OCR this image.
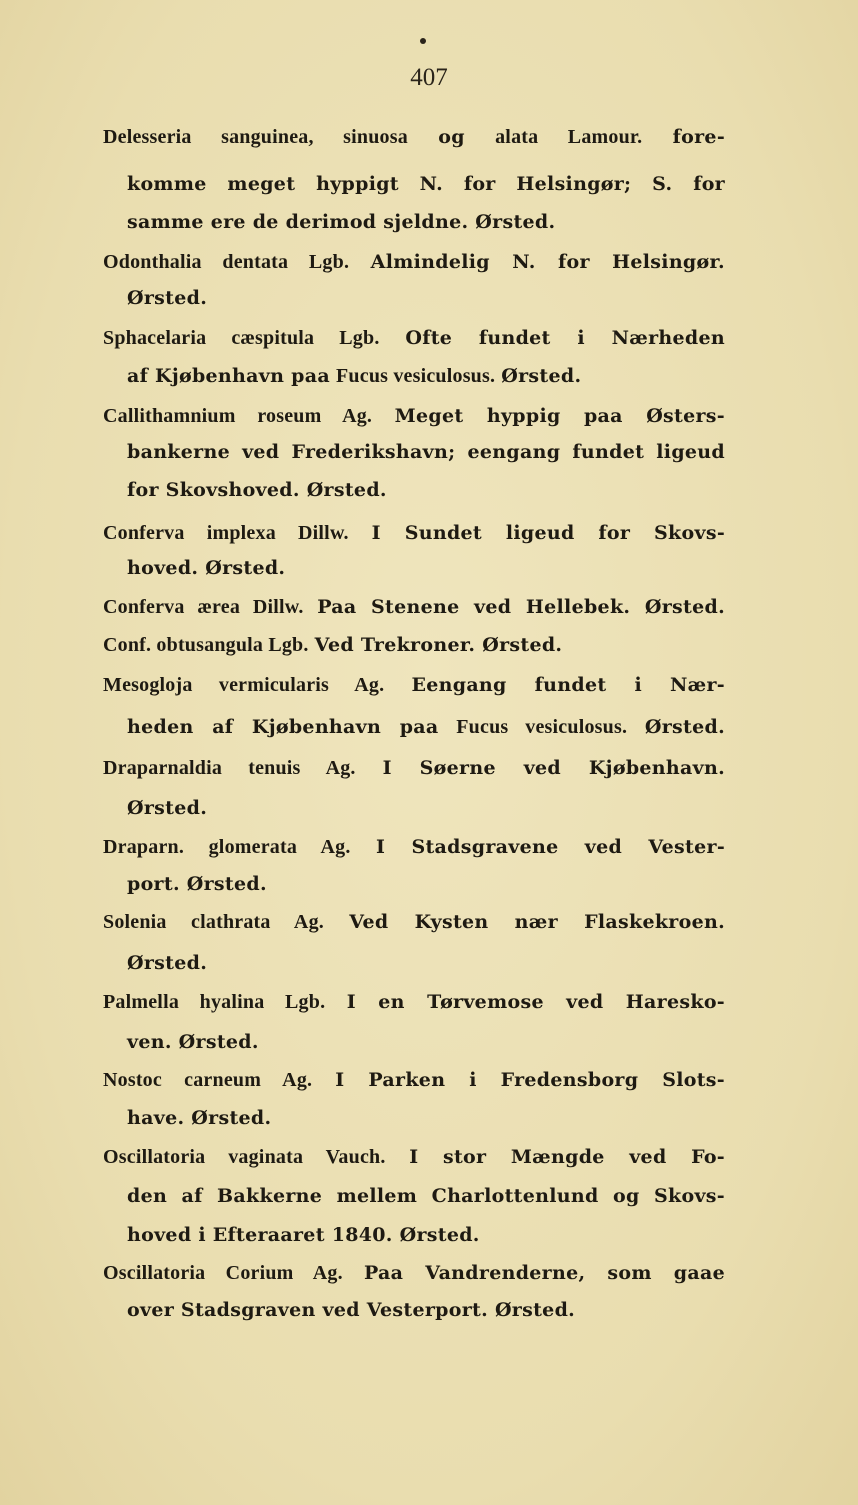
407
Delesseria sanguinea, sinuosa og alata Lamour. fore-
komme meget hyppigt N. for Helsingør; S. for
samme ere de derimod sjeldne. Ørsted.
Odonthalia dentata Lgb. Almindelig N. for Helsingør.
Ørsted.
Sphacelaria cæspitula Lgb. Ofte fundet i Nærheden
af Kjøbenhavn paa Fucus vesiculosus. Ørsted.
Callithamnium roseum Ag. Meget hyppig paa Østers-
bankerne ved Frederikshavn; eengang fundet ligeud
for Skovshoved. Ørsted.
Conferva implexa Dillw. I Sundet ligeud for Skovs-
hoved. Ørsted.
Conferva ærea Dillw. Paa Stenene ved Hellebek. Ørsted.
Conf. obtusangula Lgb. Ved Trekroner. Ørsted.
Mesogloja vermicularis Ag. Eengang fundet i Nær-
heden af Kjøbenhavn paa Fucus vesiculosus. Ørsted.
Draparnaldia tenuis Ag. I Søerne ved Kjøbenhavn.
Ørsted.
Draparn. glomerata Ag. I Stadsgravene ved Vester-
port. Ørsted.
Solenia clathrata Ag. Ved Kysten nær Flaskekroen.
Ørsted.
Palmella hyalina Lgb. I en Tørvemose ved Haresko-
ven. Ørsted.
Nostoc carneum Ag. I Parken i Fredensborg Slots-
have. Ørsted.
Oscillatoria vaginata Vauch. I stor Mængde ved Fo-
den af Bakkerne mellem Charlottenlund og Skovs-
hoved i Efteraaret 1840. Ørsted.
Oscillatoria Corium Ag. Paa Vandrenderne, som gaae
over Stadsgraven ved Vesterport. Ørsted.
